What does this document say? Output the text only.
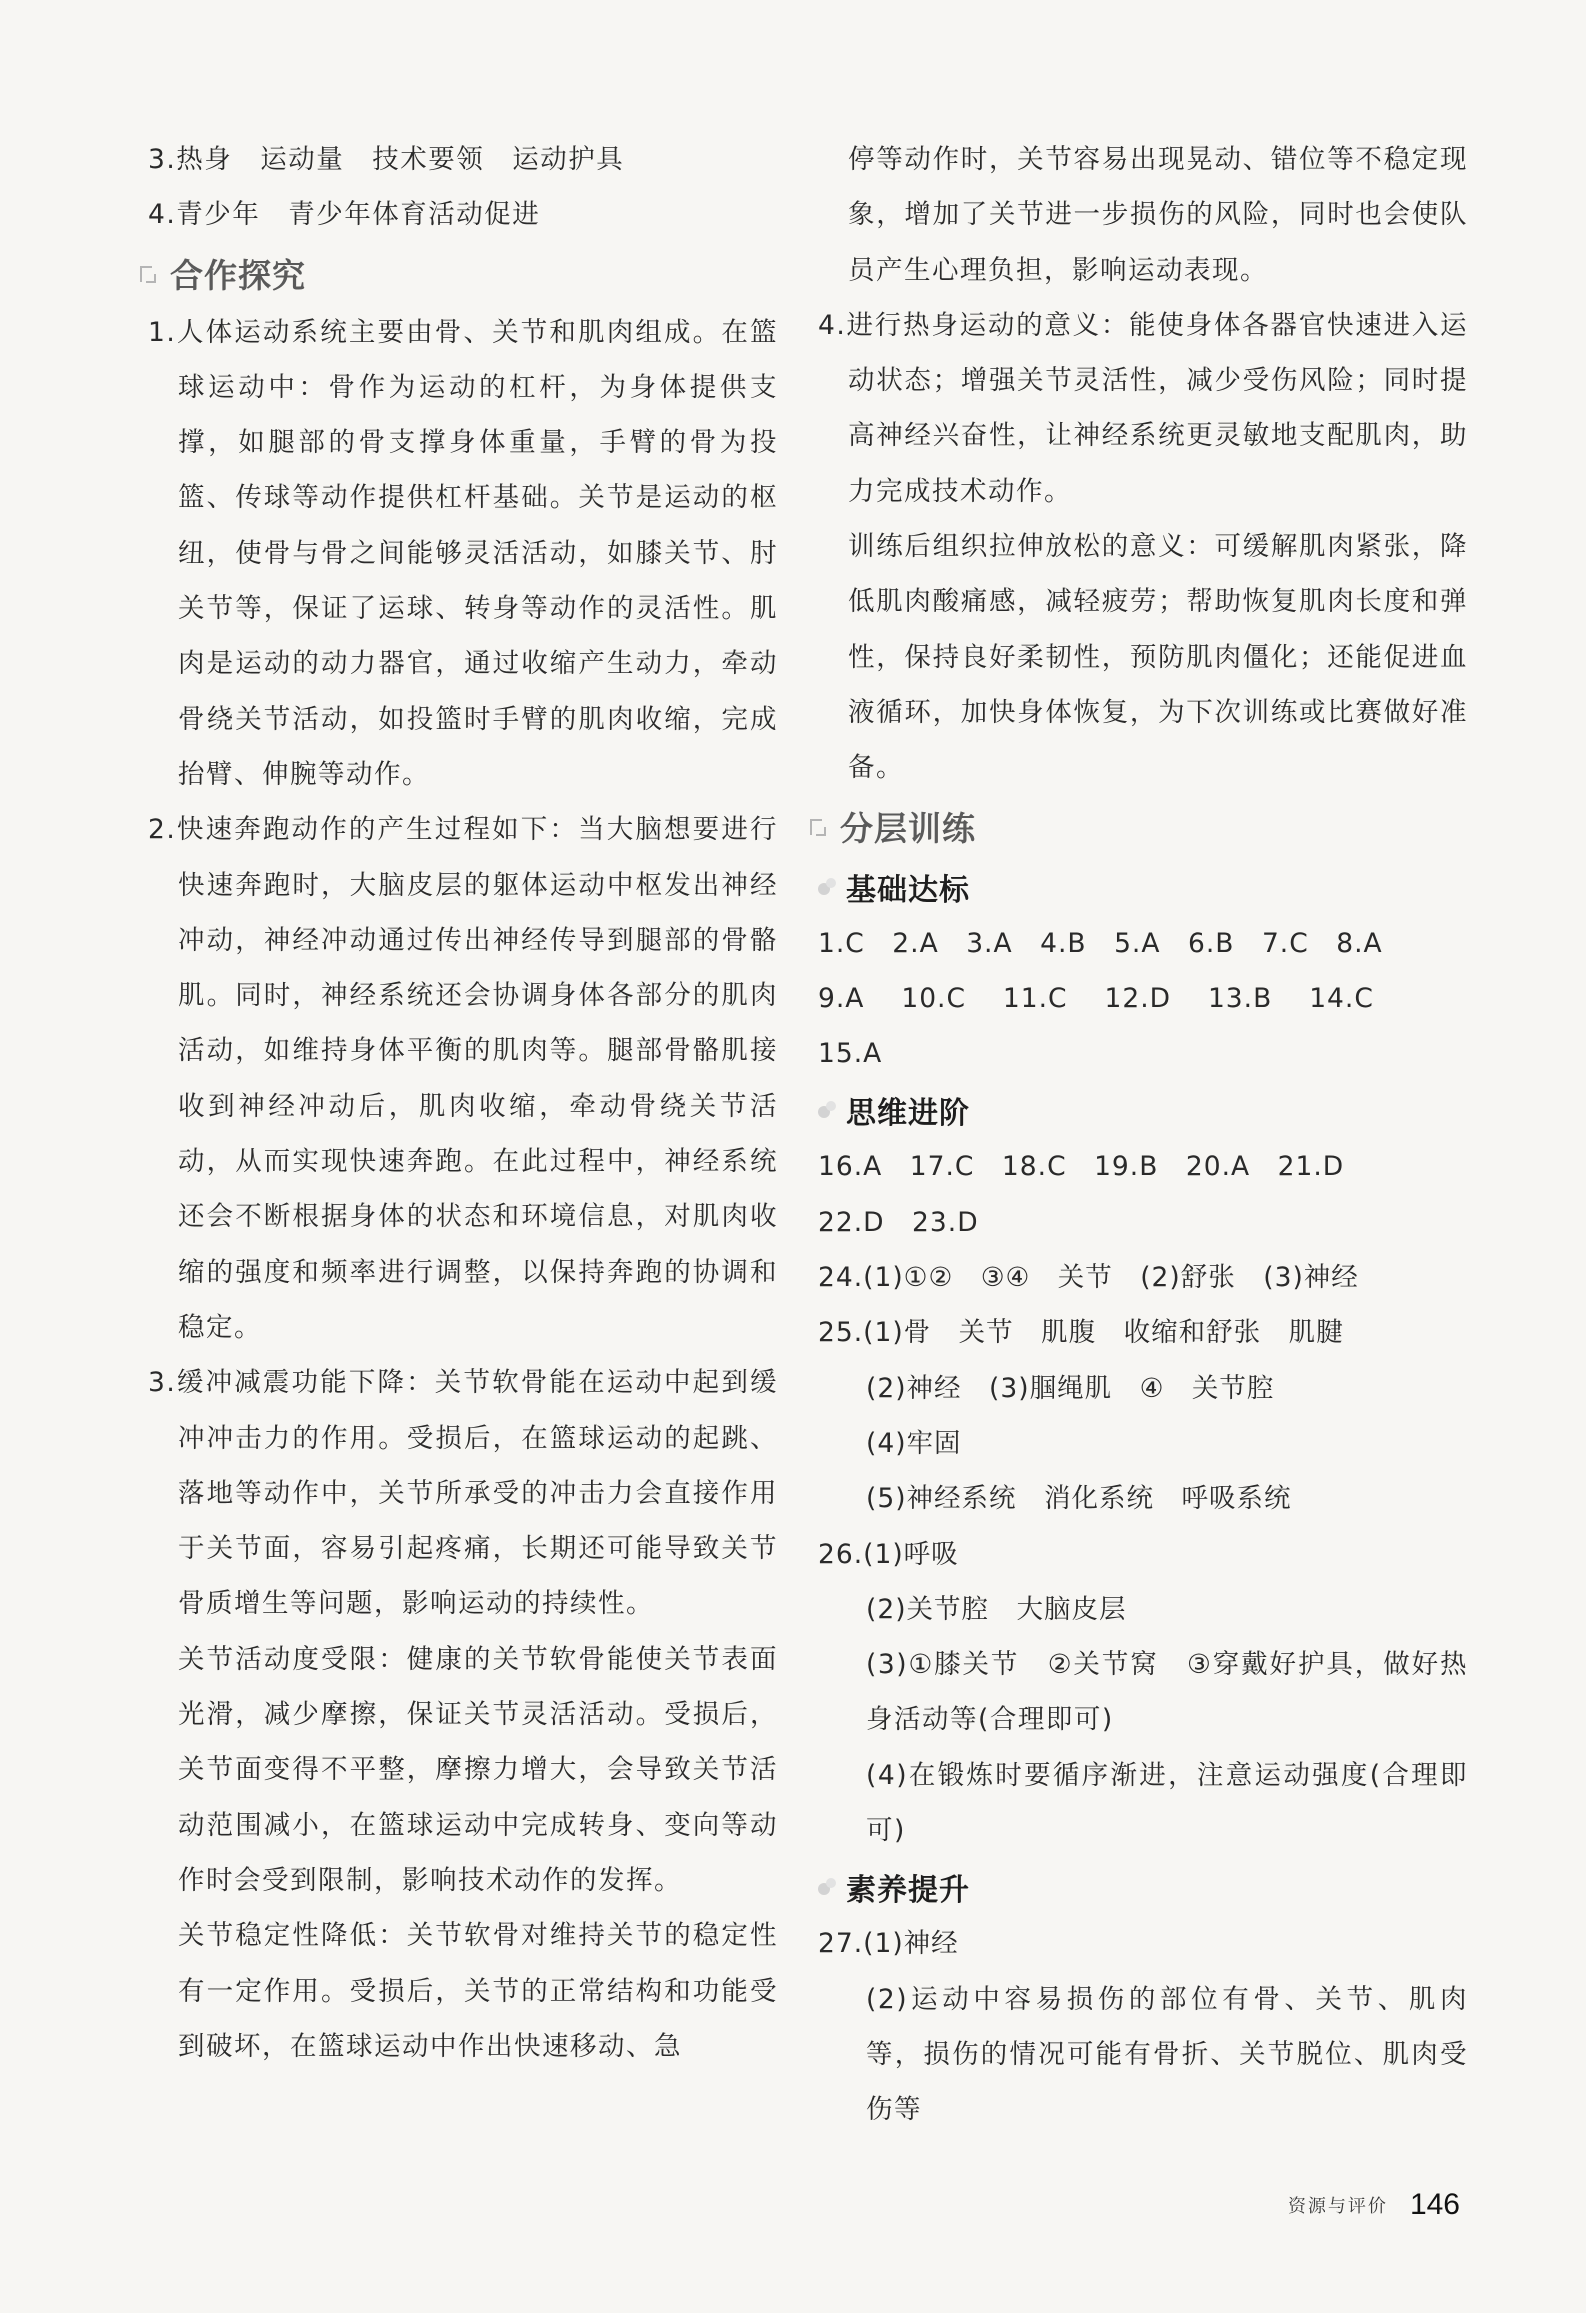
3.热身　运动量　技术要领　运动护具

4.青少年　青少年体育活动促进

合作探究

1.人体运动系统主要由骨、关节和肌肉组成。在篮球运动中：骨作为运动的杠杆，为身体提供支撑，如腿部的骨支撑身体重量，手臂的骨为投篮、传球等动作提供杠杆基础。关节是运动的枢纽，使骨与骨之间能够灵活活动，如膝关节、肘关节等，保证了运球、转身等动作的灵活性。肌肉是运动的动力器官，通过收缩产生动力，牵动骨绕关节活动，如投篮时手臂的肌肉收缩，完成抬臂、伸腕等动作。

2.快速奔跑动作的产生过程如下：当大脑想要进行快速奔跑时，大脑皮层的躯体运动中枢发出神经冲动，神经冲动通过传出神经传导到腿部的骨骼肌。同时，神经系统还会协调身体各部分的肌肉活动，如维持身体平衡的肌肉等。腿部骨骼肌接收到神经冲动后，肌肉收缩，牵动骨绕关节活动，从而实现快速奔跑。在此过程中，神经系统还会不断根据身体的状态和环境信息，对肌肉收缩的强度和频率进行调整，以保持奔跑的协调和稳定。

3.缓冲减震功能下降：关节软骨能在运动中起到缓冲冲击力的作用。受损后，在篮球运动的起跳、落地等动作中，关节所承受的冲击力会直接作用于关节面，容易引起疼痛，长期还可能导致关节骨质增生等问题，影响运动的持续性。

关节活动度受限：健康的关节软骨能使关节表面光滑，减少摩擦，保证关节灵活活动。受损后，关节面变得不平整，摩擦力增大，会导致关节活动范围减小，在篮球运动中完成转身、变向等动作时会受到限制，影响技术动作的发挥。

关节稳定性降低：关节软骨对维持关节的稳定性有一定作用。受损后，关节的正常结构和功能受到破坏，在篮球运动中作出快速移动、急

停等动作时，关节容易出现晃动、错位等不稳定现象，增加了关节进一步损伤的风险，同时也会使队员产生心理负担，影响运动表现。

4.进行热身运动的意义：能使身体各器官快速进入运动状态；增强关节灵活性，减少受伤风险；同时提高神经兴奋性，让神经系统更灵敏地支配肌肉，助力完成技术动作。

训练后组织拉伸放松的意义：可缓解肌肉紧张，降低肌肉酸痛感，减轻疲劳；帮助恢复肌肉长度和弹性，保持良好柔韧性，预防肌肉僵化；还能促进血液循环，加快身体恢复，为下次训练或比赛做好准备。

分层训练
基础达标

1.C　2.A　3.A　4.B　5.A　6.B　7.C　8.A

9.A　 10.C　 11.C　 12.D　 13.B　 14.C

15.A

思维进阶

16.A　17.C　18.C　19.B　20.A　21.D

22.D　23.D

24.(1)①②　③④　关节　(2)舒张　(3)神经

25.(1)骨　关节　肌腹　收缩和舒张　肌腱

(2)神经　(3)腘绳肌　④　关节腔

(4)牢固

(5)神经系统　消化系统　呼吸系统

26.(1)呼吸

(2)关节腔　大脑皮层

(3)①膝关节　②关节窝　③穿戴好护具，做好热身活动等(合理即可)

(4)在锻炼时要循序渐进，注意运动强度(合理即可)

素养提升

27.(1)神经

(2)运动中容易损伤的部位有骨、关节、肌肉等，损伤的情况可能有骨折、关节脱位、肌肉受伤等

资源与评价 146
